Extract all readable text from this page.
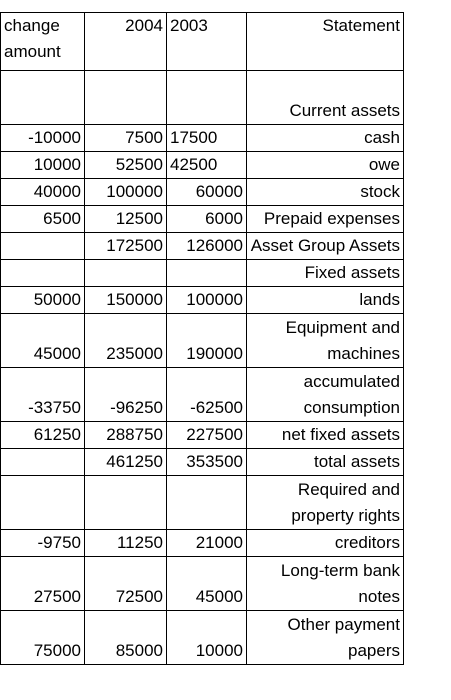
change amount	2004	2003	Statement

			Current assets

-10000	7500	17500	cash

10000	52500	42500	owe

40000	100000	60000	stock

6500	12500	6000	Prepaid expenses

	172500	126000	Asset Group Assets

			Fixed assets

50000	150000	100000	lands

45000	235000	190000	Equipment and machines

-33750	-96250	-62500	accumulated consumption

61250	288750	227500	net fixed assets

	461250	353500	total assets

			Required and property rights

-9750	11250	21000	creditors

27500	72500	45000	Long-term bank notes

75000	85000	10000	Other payment papers
